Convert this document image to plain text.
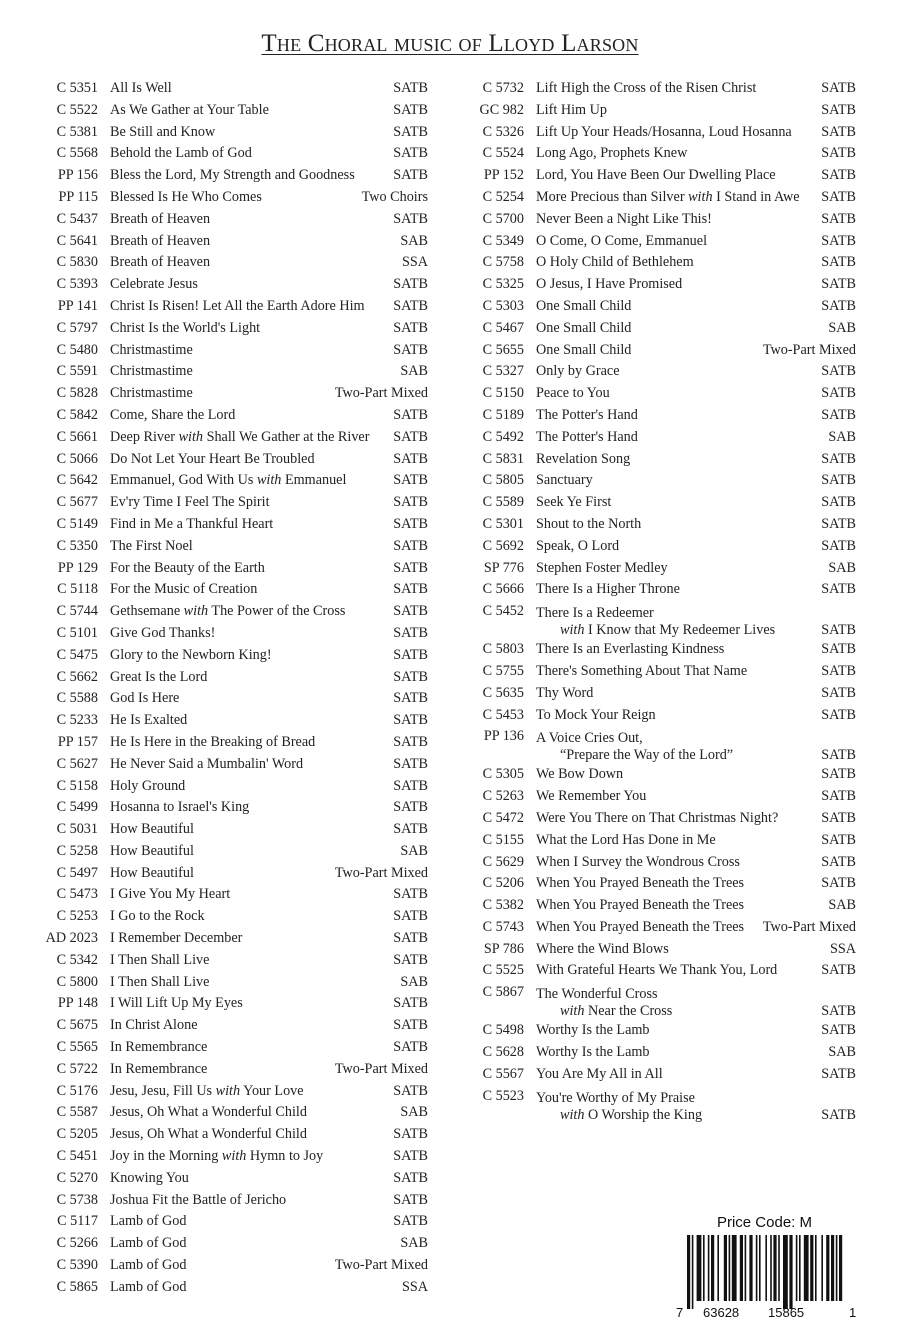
The Choral music of Lloyd Larson
C 5351 All Is Well	SATB
C 5522 As We Gather at Your Table	SATB
C 5381 Be Still and Know	SATB
C 5568 Behold the Lamb of God	SATB
PP 156 Bless the Lord, My Strength and Goodness	SATB
PP 115 Blessed Is He Who Comes	Two Choirs
C 5437 Breath of Heaven	SATB
C 5641 Breath of Heaven	SAB
C 5830 Breath of Heaven	SSA
C 5393 Celebrate Jesus	SATB
PP 141 Christ Is Risen! Let All the Earth Adore Him	SATB
C 5797 Christ Is the World's Light	SATB
C 5480 Christmastime	SATB
C 5591 Christmastime	SAB
C 5828 Christmastime	Two-Part Mixed
C 5842 Come, Share the Lord	SATB
C 5661 Deep River with Shall We Gather at the River	SATB
C 5066 Do Not Let Your Heart Be Troubled	SATB
C 5642 Emmanuel, God With Us with Emmanuel	SATB
C 5677 Ev'ry Time I Feel The Spirit	SATB
C 5149 Find in Me a Thankful Heart	SATB
C 5350 The First Noel	SATB
PP 129 For the Beauty of the Earth	SATB
C 5118 For the Music of Creation	SATB
C 5744 Gethsemane with The Power of the Cross	SATB
C 5101 Give God Thanks!	SATB
C 5475 Glory to the Newborn King!	SATB
C 5662 Great Is the Lord	SATB
C 5588 God Is Here	SATB
C 5233 He Is Exalted	SATB
PP 157 He Is Here in the Breaking of Bread	SATB
C 5627 He Never Said a Mumbalin' Word	SATB
C 5158 Holy Ground	SATB
C 5499 Hosanna to Israel's King	SATB
C 5031 How Beautiful	SATB
C 5258 How Beautiful	SAB
C 5497 How Beautiful	Two-Part Mixed
C 5473 I Give You My Heart	SATB
C 5253 I Go to the Rock	SATB
AD 2023 I Remember December	SATB
C 5342 I Then Shall Live	SATB
C 5800 I Then Shall Live	SAB
PP 148 I Will Lift Up My Eyes	SATB
C 5675 In Christ Alone	SATB
C 5565 In Remembrance	SATB
C 5722 In Remembrance	Two-Part Mixed
C 5176 Jesu, Jesu, Fill Us with Your Love	SATB
C 5587 Jesus, Oh What a Wonderful Child	SAB
C 5205 Jesus, Oh What a Wonderful Child	SATB
C 5451 Joy in the Morning with Hymn to Joy	SATB
C 5270 Knowing You	SATB
C 5738 Joshua Fit the Battle of Jericho	SATB
C 5117 Lamb of God	SATB
C 5266 Lamb of God	SAB
C 5390 Lamb of God	Two-Part Mixed
C 5865 Lamb of God	SSA
C 5732 Lift High the Cross of the Risen Christ	SATB
GC 982 Lift Him Up	SATB
C 5326 Lift Up Your Heads/Hosanna, Loud Hosanna	SATB
C 5524 Long Ago, Prophets Knew	SATB
PP 152 Lord, You Have Been Our Dwelling Place	SATB
C 5254 More Precious than Silver with I Stand in Awe	SATB
C 5700 Never Been a Night Like This!	SATB
C 5349 O Come, O Come, Emmanuel	SATB
C 5758 O Holy Child of Bethlehem	SATB
C 5325 O Jesus, I Have Promised	SATB
C 5303 One Small Child	SATB
C 5467 One Small Child	SAB
C 5655 One Small Child	Two-Part Mixed
C 5327 Only by Grace	SATB
C 5150 Peace to You	SATB
C 5189 The Potter's Hand	SATB
C 5492 The Potter's Hand	SAB
C 5831 Revelation Song	SATB
C 5805 Sanctuary	SATB
C 5589 Seek Ye First	SATB
C 5301 Shout to the North	SATB
C 5692 Speak, O Lord	SATB
SP 776 Stephen Foster Medley	SAB
C 5666 There Is a Higher Throne	SATB
C 5452 There Is a Redeemer
with I Know that My Redeemer Lives	SATB
C 5803 There Is an Everlasting Kindness	SATB
C 5755 There's Something About That Name	SATB
C 5635 Thy Word	SATB
C 5453 To Mock Your Reign	SATB
PP 136 A Voice Cries Out,
“Prepare the Way of the Lord”	SATB
C 5305 We Bow Down	SATB
C 5263 We Remember You	SATB
C 5472 Were You There on That Christmas Night?	SATB
C 5155 What the Lord Has Done in Me	SATB
C 5629 When I Survey the Wondrous Cross	SATB
C 5206 When You Prayed Beneath the Trees	SATB
C 5382 When You Prayed Beneath the Trees	SAB
C 5743 When You Prayed Beneath the Trees	Two-Part Mixed
SP 786 Where the Wind Blows	SSA
C 5525 With Grateful Hearts We Thank You, Lord	SATB
C 5867 The Wonderful Cross
with Near the Cross	SATB
C 5498 Worthy Is the Lamb	SATB
C 5628 Worthy Is the Lamb	SAB
C 5567 You Are My All in All	SATB
C 5523 You're Worthy of My Praise
with O Worship the King	SATB
Price Code: M
7 63628 15865	1
